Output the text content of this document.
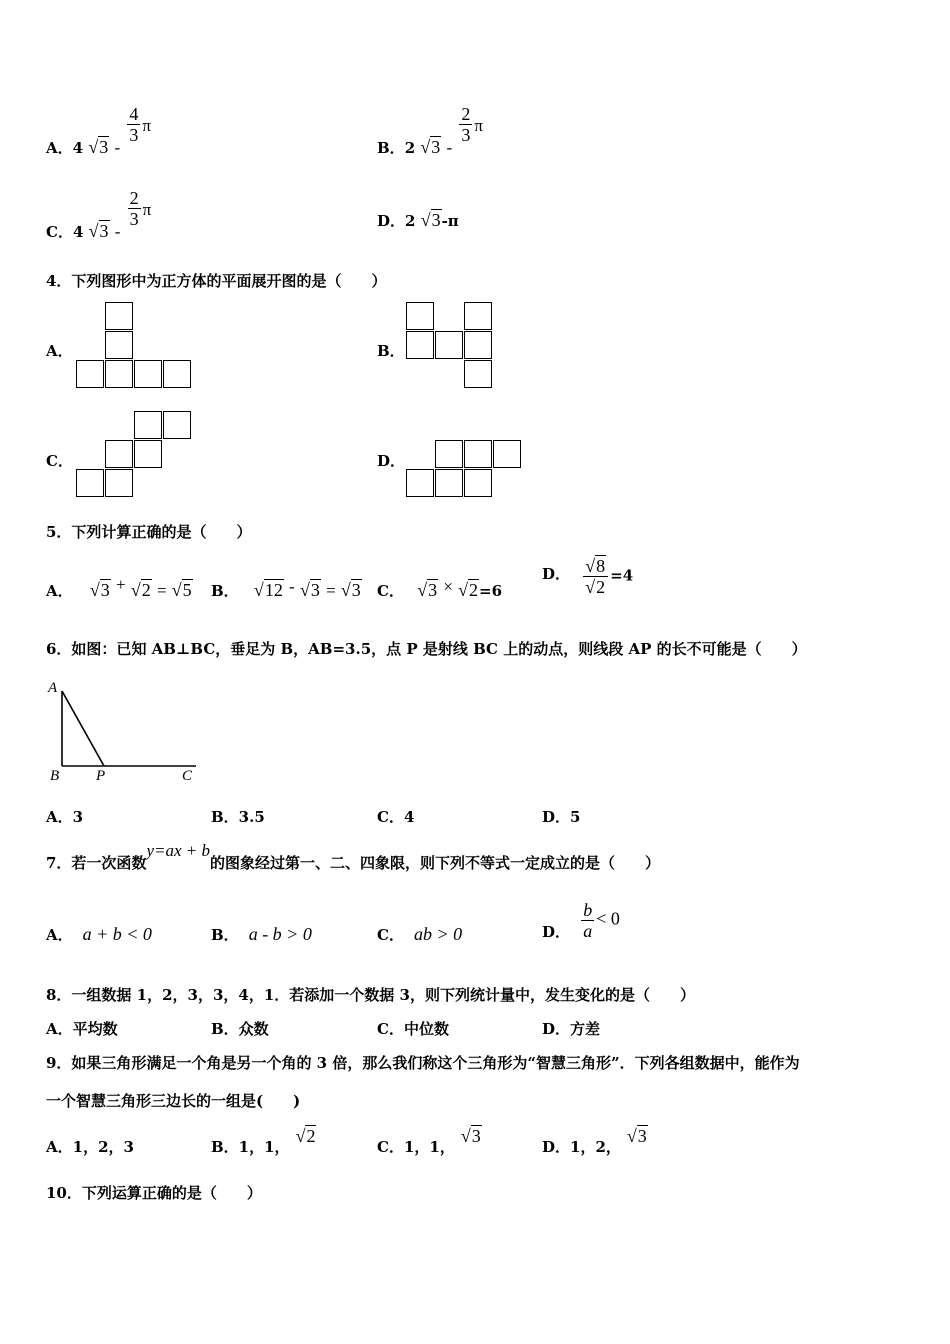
A．4 √3 -
$\frac{4}{3}$ π
B．2 √3 -
$\frac{2}{3}$ π
C．4 √3 -
$\frac{2}{3}$ π
D．2 √3-π
4．下列图形中为正方体的平面展开图的是（　　）
A．	B．
C．	D．
5．下列计算正确的是（　　）
A． √3 + √2 = √5 B． √12 - √3 = √3 C． √3 × √2=6
D． $\frac{√8}{√2} =4$
6．如图：已知 AB⊥BC，垂足为 B，AB=3.5，点 P 是射线 BC 上的动点，则线段 AP 的长不可能是（　　）
A
B P	C
A．3	B．3.5	C．4	D．5
7．若一次函数y=ax + b的图象经过第一、二、四象限，则下列不等式一定成立的是（　　）
A． a + b < 0	B． a - b > 0	C． ab > 0	D． $\frac{b}{a} < 0$
8．一组数据 1，2，3，3，4，1．若添加一个数据 3，则下列统计量中，发生变化的是（　　）
A．平均数	B．众数	C．中位数	D．方差
9．如果三角形满足一个角是另一个角的 3 倍，那么我们称这个三角形为“智慧三角形”．下列各组数据中，能作为
一个智慧三角形三边长的一组是(　　)
A．1，2，3	B．1，1，√2
C．1，1，√3
D．1，2，√3
10．下列运算正确的是（　　）
